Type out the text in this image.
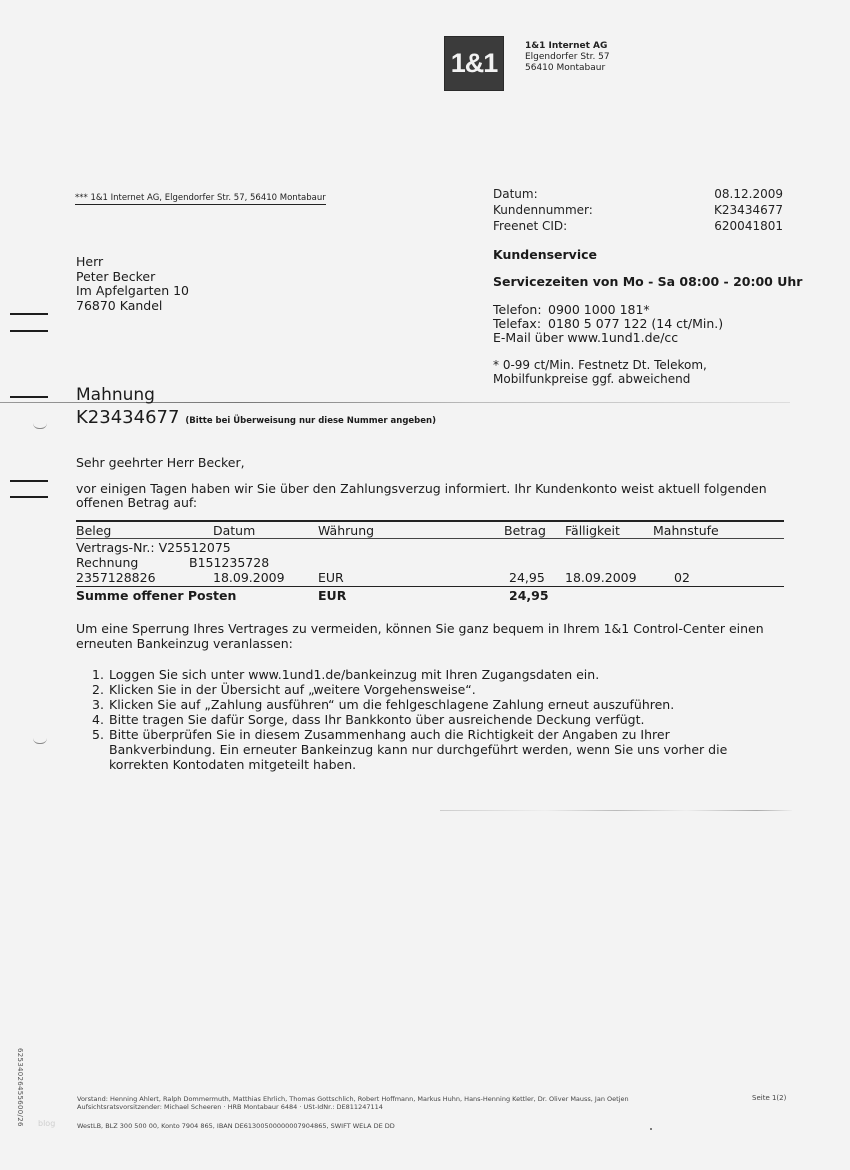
1&1
1&1 Internet AG
Elgendorfer Str. 57
56410 Montabaur
*** 1&1 Internet AG, Elgendorfer Str. 57, 56410 Montabaur	Datum:	08.12.2009
Kundennummer:	K23434677
Freenet CID:	620041801
Kundenservice
Servicezeiten von Mo - Sa 08:00 - 20:00 Uhr
Telefon: 0900 1000 181*
Telefax: 0180 5 077 122 (14 ct/Min.)
E-Mail über www.1und1.de/cc
* 0-99 ct/Min. Festnetz Dt. Telekom,
Mobilfunkpreise ggf. abweichend
Herr
Peter Becker
Im Apfelgarten 10
76870 Kandel
Mahnung
K23434677 (Bitte bei Überweisung nur diese Nummer angeben)
Sehr geehrter Herr Becker,
vor einigen Tagen haben wir Sie über den Zahlungsverzug informiert. Ihr Kundenkonto weist aktuell folgenden offenen Betrag auf:
Beleg	Datum	Währung	Betrag Fälligkeit	Mahnstufe
Vertrags-Nr.: V25512075
Rechnung	B151235728
2357128826	18.09.2009	EUR	24,95 18.09.2009	02
Summe offener Posten	EUR	24,95
Um eine Sperrung Ihres Vertrages zu vermeiden, können Sie ganz bequem in Ihrem 1&1 Control-Center einen erneuten Bankeinzug veranlassen:
1. Loggen Sie sich unter www.1und1.de/bankeinzug mit Ihren Zugangsdaten ein.
2. Klicken Sie in der Übersicht auf „weitere Vorgehensweise“.
3. Klicken Sie auf „Zahlung ausführen“ um die fehlgeschlagene Zahlung erneut auszuführen.
4. Bitte tragen Sie dafür Sorge, dass Ihr Bankkonto über ausreichende Deckung verfügt.
5. Bitte überprüfen Sie in diesem Zusammenhang auch die Richtigkeit der Angaben zu Ihrer Bankverbindung. Ein erneuter Bankeinzug kann nur durchgeführt werden, wenn Sie uns vorher die korrekten Kontodaten mitgeteilt haben.
Vorstand: Henning Ahlert, Ralph Dommermuth, Matthias Ehrlich, Thomas Gottschlich, Robert Hoffmann, Markus Huhn, Hans-Henning Kettler, Dr. Oliver Mauss, Jan Oetjen
Aufsichtsratsvorsitzender: Michael Scheeren · HRB Montabaur 6484 · USt-IdNr.: DE811247114
WestLB, BLZ 300 500 00, Konto 7904 865, IBAN DE61300500000007904865, SWIFT WELA DE DD
Seite 1(2)
62534026455600/26 blog
